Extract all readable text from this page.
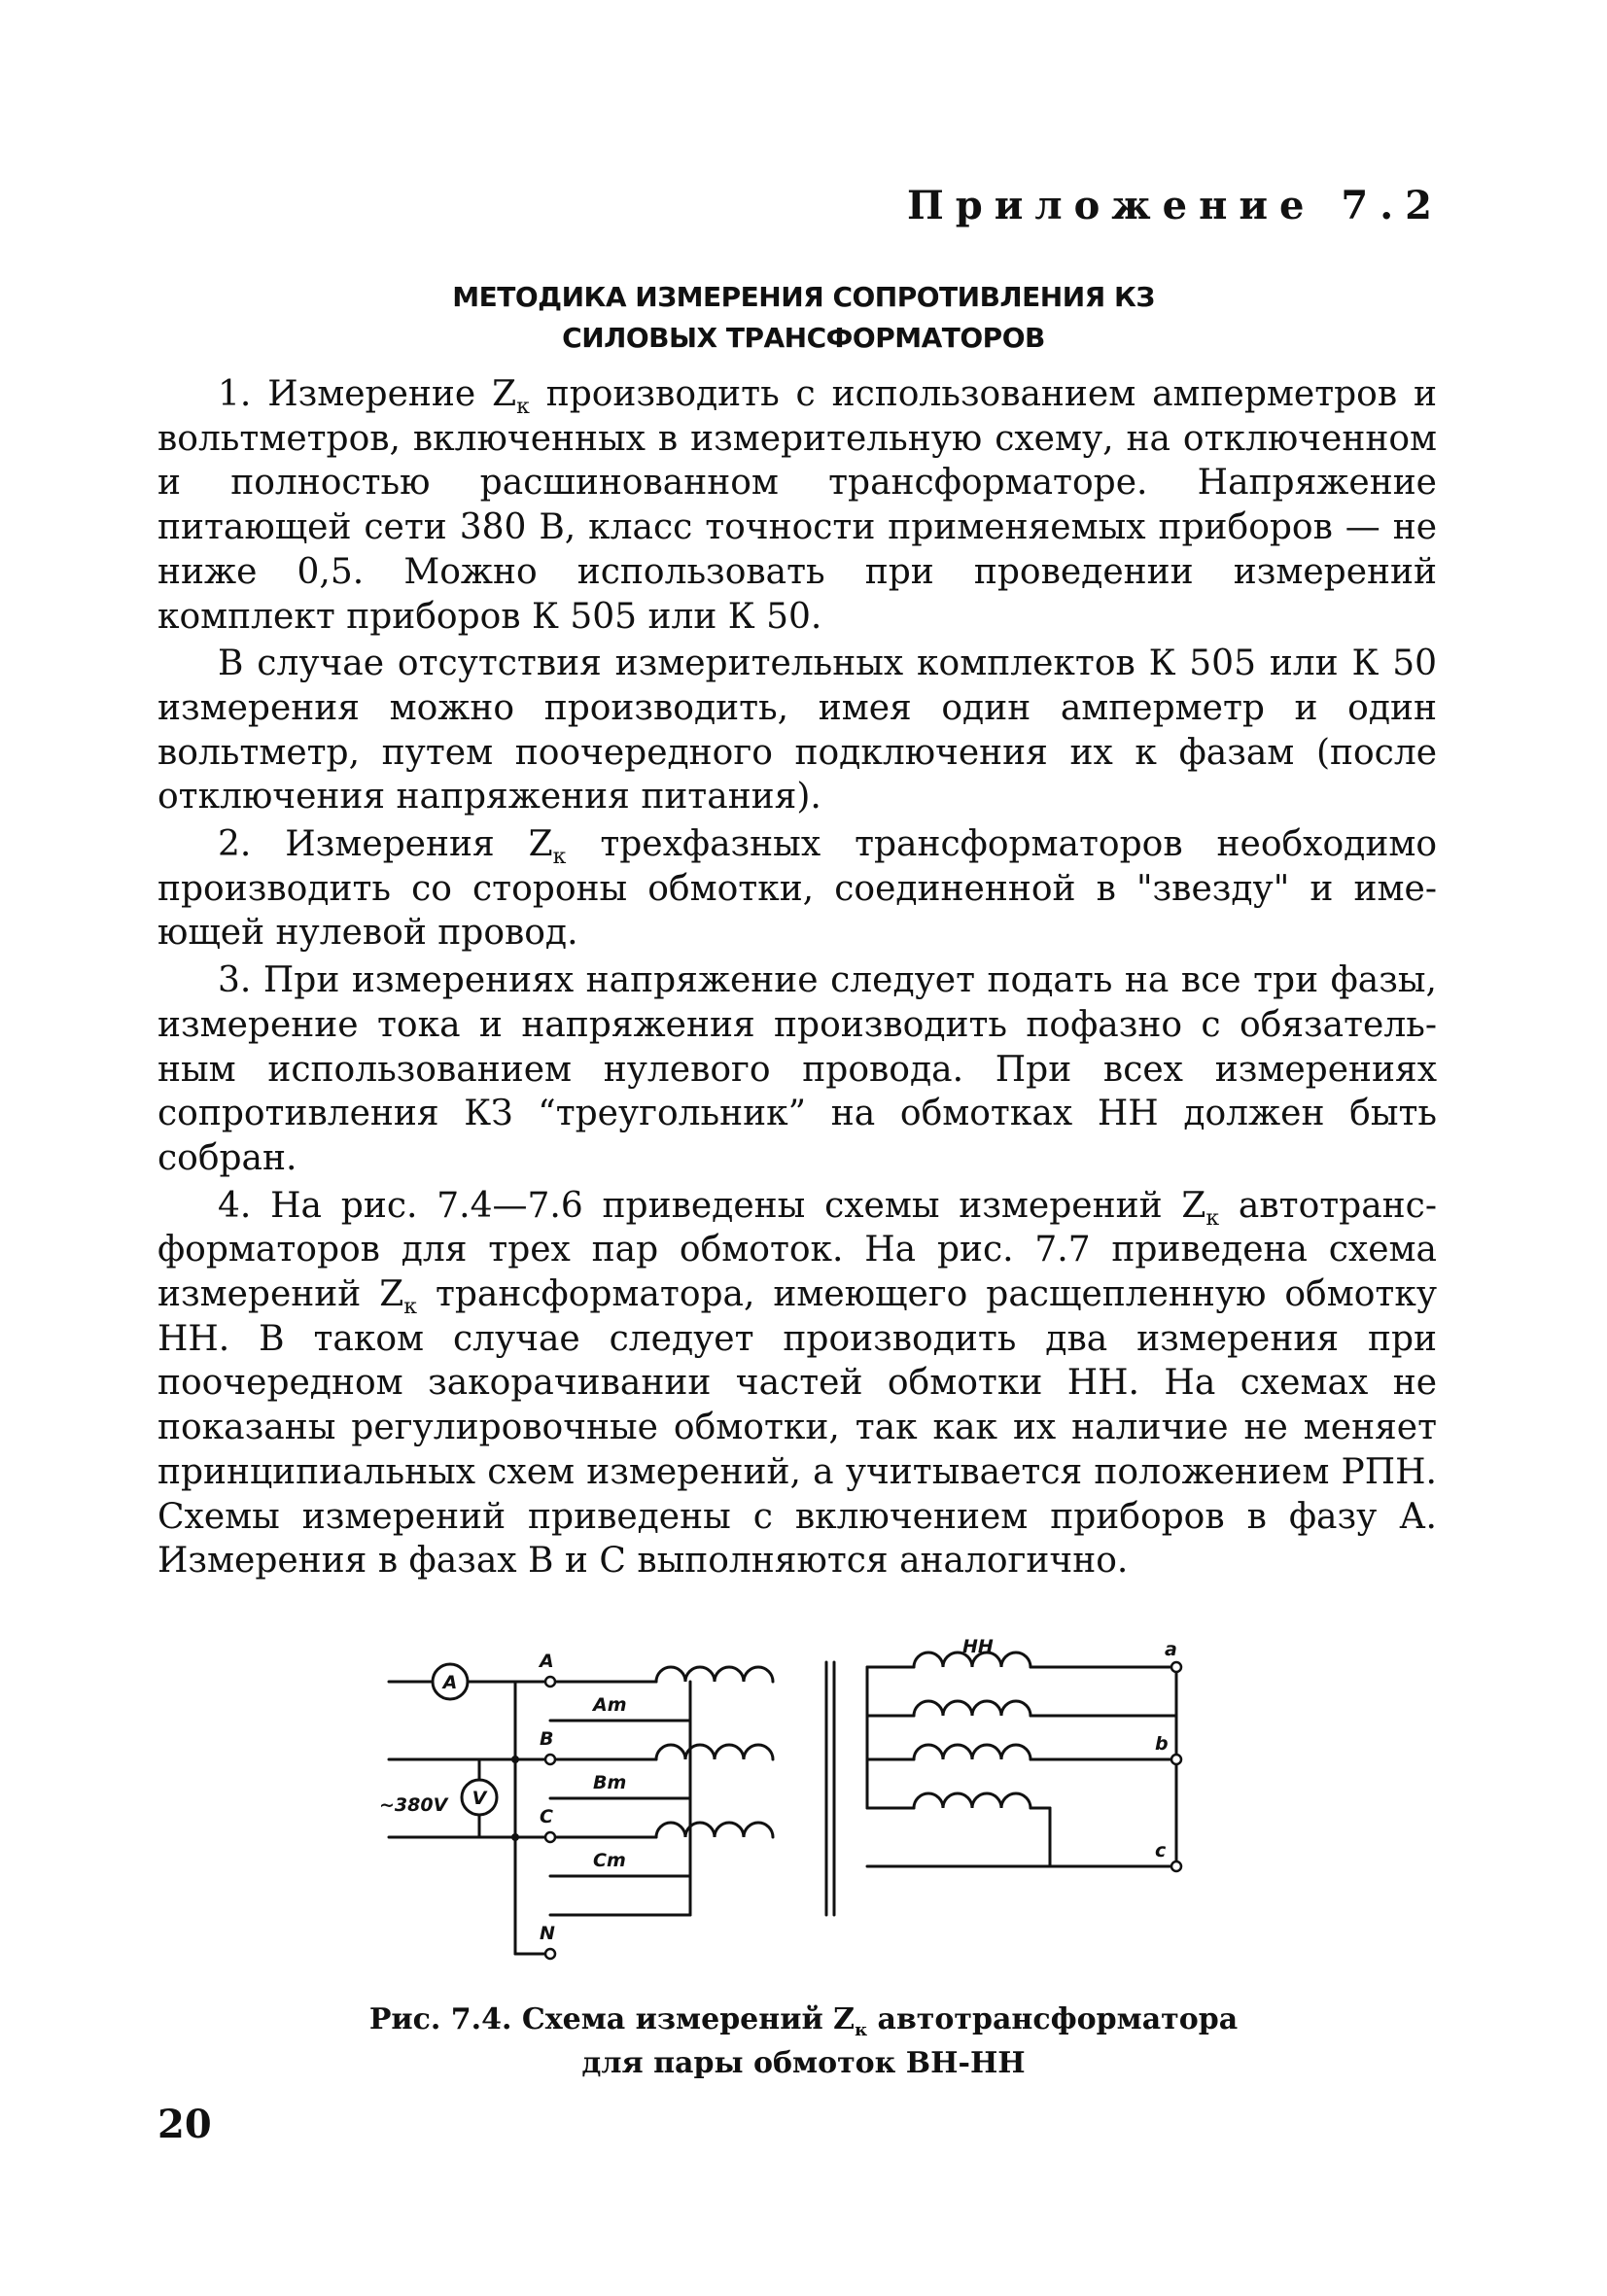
Приложение 7.2
МЕТОДИКА ИЗМЕРЕНИЯ СОПРОТИВЛЕНИЯ КЗ
СИЛОВЫХ ТРАНСФОРМАТОРОВ

1. Измерение $Z_к$ производить с использованием амперметров и вольтметров, включенных в измерительную схему, на отключенном и полностью расшинованном трансформаторе. Напряжение питающей сети 380 В, класс точности применяемых приборов — не ниже 0,5. Можно использовать при проведении измерений комплект приборов К 505 или К 50.

В случае отсутствия измерительных комплектов К 505 или К 50 измерения можно производить, имея один амперметр и один вольтметр, путем поочередного подключения их к фазам (после отключения напряжения питания).

2. Измерения $Z_к$ трехфазных трансформаторов необходимо производить со стороны обмотки, соединенной в "звезду" и имеющей нулевой провод.

3. При измерениях напряжение следует подать на все три фазы, измерение тока и напряжения производить пофазно с обязательным использованием нулевого провода. При всех измерениях сопротивления КЗ “треугольник” на обмотках НН должен быть собран.

4. На рис. 7.4—7.6 приведены схемы измерений $Z_к$ автотрансформаторов для трех пар обмоток. На рис. 7.7 приведена схема измерений $Z_к$ трансформатора, имеющего расщепленную обмотку НН. В таком случае следует производить два измерения при поочередном закорачивании частей обмотки НН. На схемах не показаны регулировочные обмотки, так как их наличие не меняет принципиальных схем измерений, а учитывается положением РПН. Схемы измерений приведены с включением приборов в фазу А. Измерения в фазах В и С выполняются аналогично.

A
V
~380V
A
B
C
N
Am
Bm
Cm
HH	a
b
c
Рис. 7.4. Схема измерений $Z_к$ автотрансформатора
для пары обмоток ВН-НН
20
